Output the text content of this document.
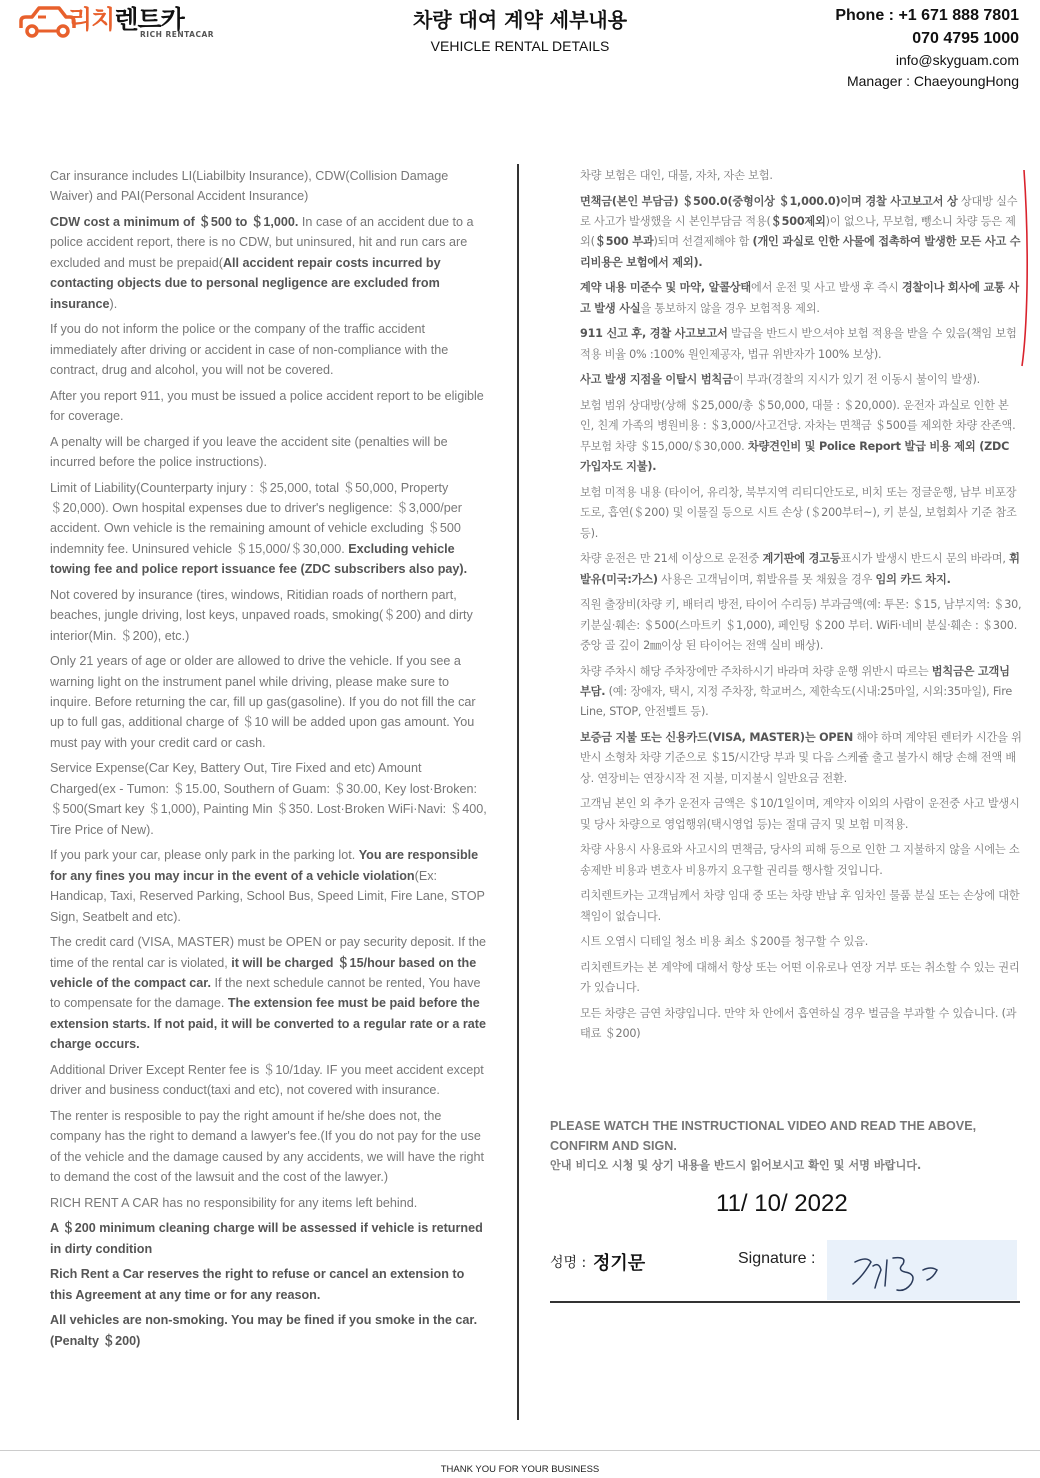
리치렌트카
RICH RENTACAR
차량 대여 계약 세부내용
VEHICLE RENTAL DETAILS
Phone : +1 671 888 7801
070 4795 1000
info@skyguam.com
Manager : ChaeyoungHong

Car insurance includes LI(Liabilbity Insurance), CDW(Collision Damage Waiver) and PAI(Personal Accident Insurance)

CDW cost a minimum of ＄500 to ＄1,000. In case of an accident due to a police accident report, there is no CDW, but uninsured, hit and run cars are excluded and must be prepaid(All accident repair costs incurred by contacting objects due to personal negligence are excluded from insurance).

If you do not inform the police or the company of the traffic accident immediately after driving or accident in case of non-compliance with the contract, drug and alcohol, you will not be covered.

After you report 911, you must be issued a police accident report to be eligible for coverage.

A penalty will be charged if you leave the accident site (penalties will be incurred before the police instructions).

Limit of Liability(Counterparty injury : ＄25,000, total ＄50,000, Property ＄20,000). Own hospital expenses due to driver's negligence: ＄3,000/per accident. Own vehicle is the remaining amount of vehicle excluding ＄500 indemnity fee. Uninsured vehicle ＄15,000/＄30,000. Excluding vehicle towing fee and police report issuance fee (ZDC subscribers also pay).

Not covered by insurance (tires, windows, Ritidian roads of northern part, beaches, jungle driving, lost keys, unpaved roads, smoking(＄200) and dirty interior(Min. ＄200), etc.)

Only 21 years of age or older are allowed to drive the vehicle. If you see a warning light on the instrument panel while driving, please make sure to inquire. Before returning the car, fill up gas(gasoline). If you do not fill the car up to full gas, additional charge of ＄10 will be added upon gas amount. You must pay with your credit card or cash.

Service Expense(Car Key, Battery Out, Tire Fixed and etc) Amount Charged(ex - Tumon: ＄15.00, Southern of Guam: ＄30.00, Key lost·Broken: ＄500(Smart key ＄1,000), Painting Min ＄350. Lost·Broken WiFi·Navi: ＄400, Tire Price of New).

If you park your car, please only park in the parking lot. You are responsible for any fines you may incur in the event of a vehicle violation(Ex: Handicap, Taxi, Reserved Parking, School Bus, Speed Limit, Fire Lane, STOP Sign, Seatbelt and etc).

The credit card (VISA, MASTER) must be OPEN or pay security deposit. If the time of the rental car is violated, it will be charged ＄15/hour based on the vehicle of the compact car. If the next schedule cannot be rented, You have to compensate for the damage. The extension fee must be paid before the extension starts. If not paid, it will be converted to a regular rate or a rate charge occurs.

Additional Driver Except Renter fee is ＄10/1day. IF you meet accident except driver and business conduct(taxi and etc), not covered with insurance.

The renter is resposible to pay the right amount if he/she does not, the company has the right to demand a lawyer's fee.(If you do not pay for the use of the vehicle and the damage caused by any accidents, we will have the right to demand the cost of the lawsuit and the cost of the lawyer.)

RICH RENT A CAR has no responsibility for any items left behind.

A ＄200 minimum cleaning charge will be assessed if vehicle is returned in dirty condition

Rich Rent a Car reserves the right to refuse or cancel an extension to this Agreement at any time or for any reason.

All vehicles are non-smoking. You may be fined if you smoke in the car. (Penalty ＄200)

차량 보험은 대인, 대물, 자차, 자손 보험.

면책금(본인 부담금) ＄500.0(중형이상 ＄1,000.0)이며 경찰 사고보고서 상 상대방 실수로 사고가 발생했을 시 본인부담금 적용(＄500제외)이 없으나, 무보험, 뺑소니 차량 등은 제외(＄500 부과)되며 선결제해야 함 (개인 과실로 인한 사물에 접촉하여 발생한 모든 사고 수리비용은 보험에서 제외).

계약 내용 미준수 및 마약, 알콜상태에서 운전 및 사고 발생 후 즉시 경찰이나 회사에 교통 사고 발생 사실을 통보하지 않을 경우 보험적용 제외.

911 신고 후, 경찰 사고보고서 발급을 반드시 받으셔야 보험 적용을 받을 수 있음(책임 보험 적용 비율 0% :100% 원인제공자, 법규 위반자가 100% 보상).

사고 발생 지점을 이탈시 범칙금이 부과(경찰의 지시가 있기 전 이동시 불이익 발생).

보험 범위 상대방(상해 ＄25,000/총 ＄50,000, 대물 : ＄20,000). 운전자 과실로 인한 본인, 친계 가족의 병원비용 : ＄3,000/사고건당. 자차는 면책금 ＄500를 제외한 차량 잔존액. 무보험 차량 ＄15,000/＄30,000. 차량견인비 및 Police Report 발급 비용 제외 (ZDC 가입자도 지불).

보험 미적용 내용 (타이어, 유리창, 북부지역 리티디안도로, 비치 또는 정글운행, 남부 비포장도로, 흡연(＄200) 및 이물질 등으로 시트 손상 (＄200부터~), 키 분실, 보험회사 기준 참조 등).

차량 운전은 만 21세 이상으로 운전중 계기판에 경고등표시가 발생시 반드시 문의 바라며, 휘발유(미국:가스) 사용은 고객님이며, 휘발유를 못 채웠을 경우 임의 카드 차지.

직원 출장비(차량 키, 배터리 방전, 타이어 수리등) 부과금액(예: 투몬: ＄15, 남부지역: ＄30, 키분실·훼손: ＄500(스마트키 ＄1,000), 페인팅 ＄200 부터. WiFi·네비 분실·훼손 : ＄300. 중앙 골 깊이 2㎜이상 된 타이어는 전액 실비 배상).

차량 주차시 해당 주차장에만 주차하시기 바라며 차량 운행 위반시 따르는 범칙금은 고객님 부담. (예: 장애자, 택시, 지정 주차장, 학교버스, 제한속도(시내:25마일, 시외:35마일), Fire Line, STOP, 안전벨트 등).

보증금 지불 또는 신용카드(VISA, MASTER)는 OPEN 해야 하며 계약된 렌터카 시간을 위반시 소형차 차량 기준으로 ＄15/시간당 부과 및 다음 스케쥴 출고 불가시 해당 손해 전액 배상. 연장비는 연장시작 전 지불, 미지불시 일반요금 전환.

고객님 본인 외 추가 운전자 금액은 ＄10/1일이며, 계약자 이외의 사람이 운전중 사고 발생시 및 당사 차량으로 영업행위(택시영업 등)는 절대 금지 및 보험 미적용.

차량 사용시 사용료와 사고시의 면책금, 당사의 피해 등으로 인한 그 지불하지 않을 시에는 소송제반 비용과 변호사 비용까지 요구할 권리를 행사할 것입니다.

리치렌트카는 고객님께서 차량 임대 중 또는 차량 반납 후 임차인 물품 분실 또는 손상에 대한 책임이 없습니다.

시트 오염시 디테일 청소 비용 최소 ＄200를 청구할 수 있음.

리치렌트카는 본 계약에 대해서 항상 또는 어떤 이유로나 연장 거부 또는 취소할 수 있는 권리가 있습니다.

모든 차량은 금연 차량입니다. 만약 차 안에서 흡연하실 경우 벌금을 부과할 수 있습니다. (과태료 ＄200)

PLEASE WATCH THE INSTRUCTIONAL VIDEO AND READ THE ABOVE,
CONFIRM AND SIGN.
안내 비디오 시청 및 상기 내용을 반드시 읽어보시고 확인 및 서명 바랍니다.
11/ 10/ 2022
성명 : 정기문	Signature :
THANK YOU FOR YOUR BUSINESS
